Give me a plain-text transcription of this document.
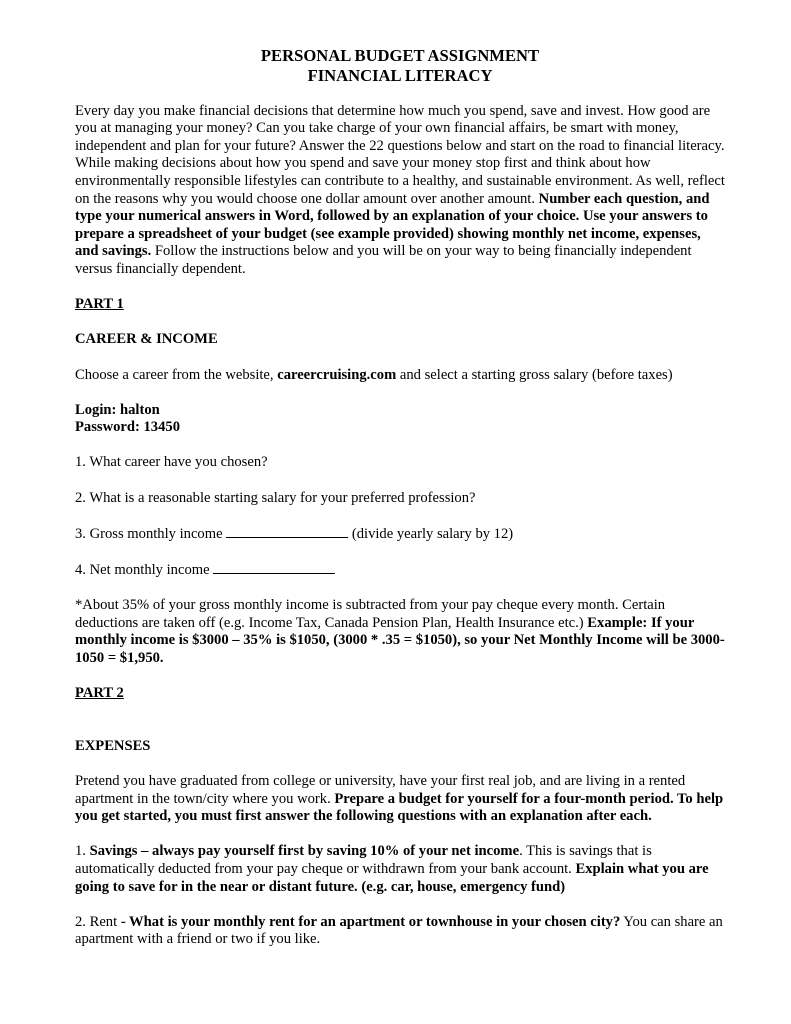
PERSONAL BUDGET ASSIGNMENT

FINANCIAL LITERACY

Every day you make financial decisions that determine how much you spend, save and invest. How good are you at managing your money? Can you take charge of your own financial affairs, be smart with money, independent and plan for your future? Answer the 22 questions below and start on the road to financial literacy. While making decisions about how you spend and save your money stop first and think about how environmentally responsible lifestyles can contribute to a healthy, and sustainable environment. As well, reflect on the reasons why you would choose one dollar amount over another amount. Number each question, and type your numerical answers in Word, followed by an explanation of your choice. Use your answers to prepare a spreadsheet of your budget (see example provided) showing monthly net income, expenses, and savings. Follow the instructions below and you will be on your way to being financially independent versus financially dependent.

PART 1

CAREER & INCOME

Choose a career from the website, careercruising.com and select a starting gross salary (before taxes)

Login: halton

Password: 13450

1. What career have you chosen?

2. What is a reasonable starting salary for your preferred profession?

3. Gross monthly income	(divide yearly salary by 12)

4. Net monthly income

*About 35% of your gross monthly income is subtracted from your pay cheque every month. Certain deductions are taken off (e.g. Income Tax, Canada Pension Plan, Health Insurance etc.) Example: If your monthly income is $3000 – 35% is $1050, (3000 * .35 = $1050), so your Net Monthly Income will be 3000-1050 = $1,950.

PART 2

EXPENSES

Pretend you have graduated from college or university, have your first real job, and are living in a rented apartment in the town/city where you work. Prepare a budget for yourself for a four-month period. To help you get started, you must first answer the following questions with an explanation after each.

1. Savings – always pay yourself first by saving 10% of your net income. This is savings that is automatically deducted from your pay cheque or withdrawn from your bank account. Explain what you are going to save for in the near or distant future. (e.g. car, house, emergency fund)

2. Rent - What is your monthly rent for an apartment or townhouse in your chosen city? You can share an apartment with a friend or two if you like.
